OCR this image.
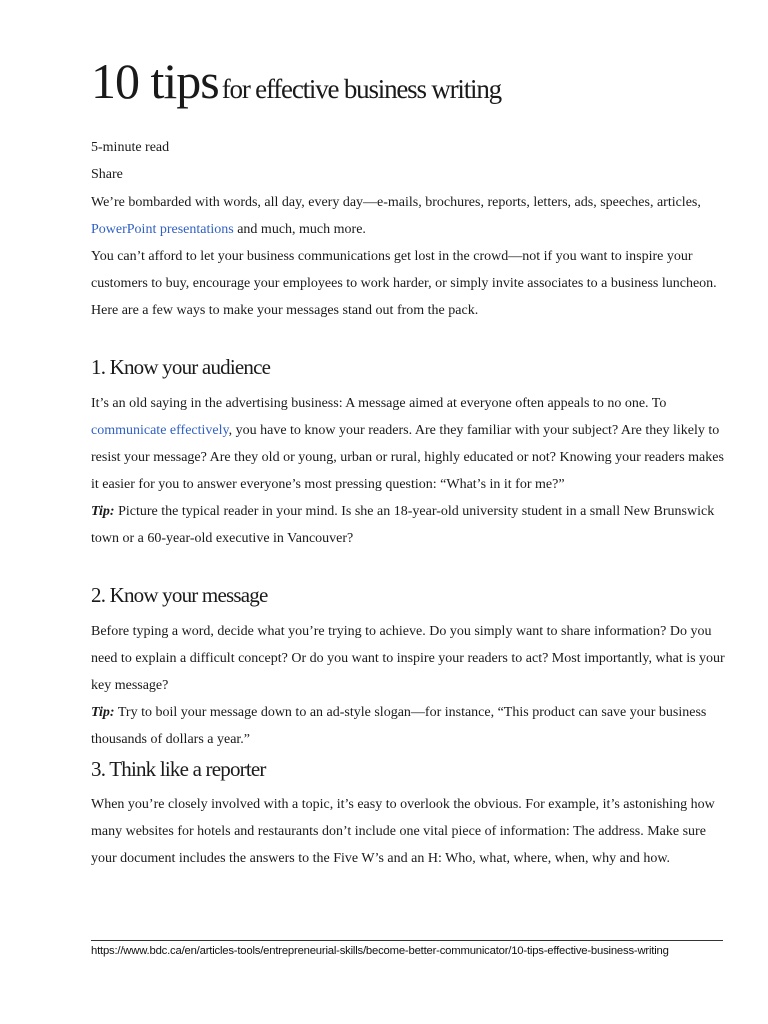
10 tips for effective business writing
5-minute read
Share

We’re bombarded with words, all day, every day—e-mails, brochures, reports, letters, ads, speeches, articles, PowerPoint presentations and much, much more.

You can’t afford to let your business communications get lost in the crowd—not if you want to inspire your customers to buy, encourage your employees to work harder, or simply invite associates to a business luncheon.

Here are a few ways to make your messages stand out from the pack.

1. Know your audience

It’s an old saying in the advertising business: A message aimed at everyone often appeals to no one. To communicate effectively, you have to know your readers. Are they familiar with your subject? Are they likely to resist your message? Are they old or young, urban or rural, highly educated or not? Knowing your readers makes it easier for you to answer everyone’s most pressing question: “What’s in it for me?”

Tip: Picture the typical reader in your mind. Is she an 18-year-old university student in a small New Brunswick town or a 60-year-old executive in Vancouver?

2. Know your message

Before typing a word, decide what you’re trying to achieve. Do you simply want to share information? Do you need to explain a difficult concept? Or do you want to inspire your readers to act? Most importantly, what is your key message?

Tip: Try to boil your message down to an ad-style slogan—for instance, “This product can save your business thousands of dollars a year.”

3. Think like a reporter

When you’re closely involved with a topic, it’s easy to overlook the obvious. For example, it’s astonishing how many websites for hotels and restaurants don’t include one vital piece of information: The address. Make sure your document includes the answers to the Five W’s and an H: Who, what, where, when, why and how.

https://www.bdc.ca/en/articles-tools/entrepreneurial-skills/become-better-communicator/10-tips-effective-business-writing
